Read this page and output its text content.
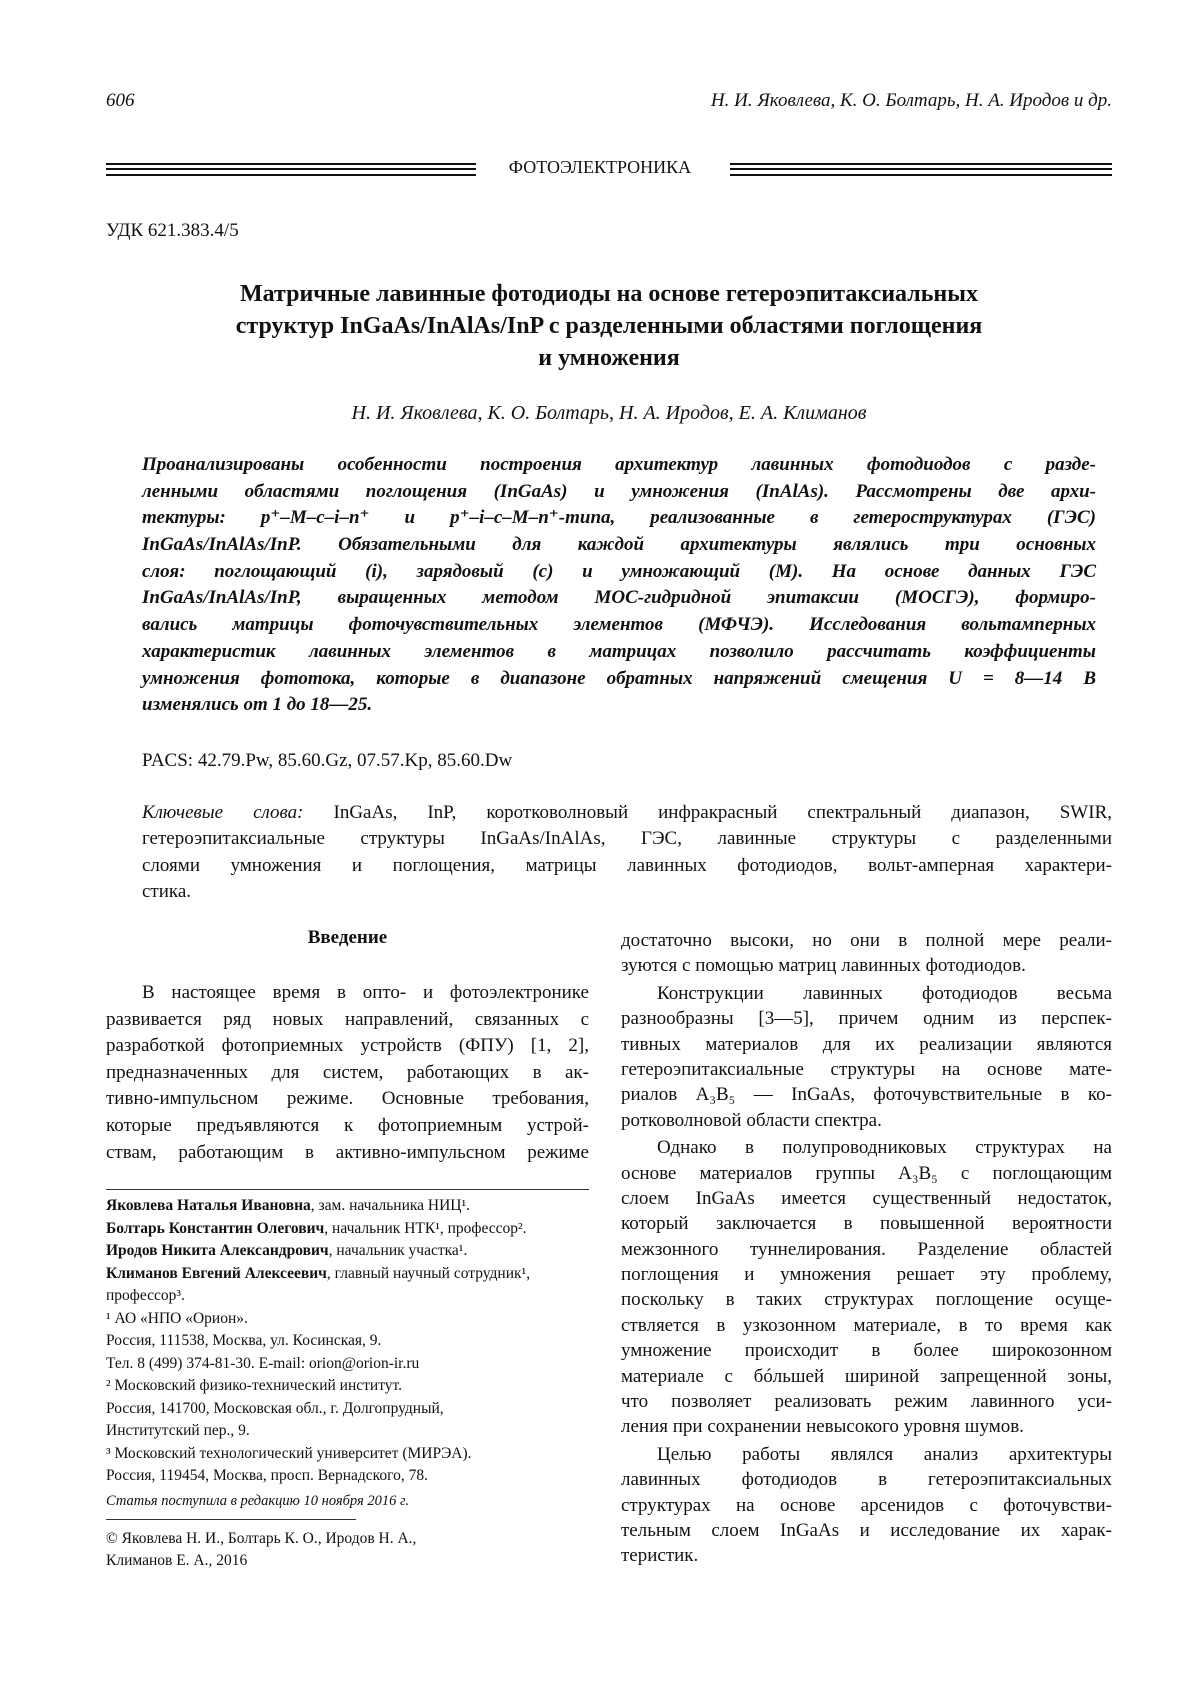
606	Н. И. Яковлева, К. О. Болтарь, Н. А. Иродов и др.
ФОТОЭЛЕКТРОНИКА
УДК 621.383.4/5
Матричные лавинные фотодиоды на основе гетероэпитаксиальных
структур InGaAs/InAlAs/InP с разделенными областями поглощения
и умножения
Н. И. Яковлева, К. О. Болтарь, Н. А. Иродов, Е. А. Климанов
Проанализированы особенности построения архитектур лавинных фотодиодов с разде-
ленными областями поглощения (InGaAs) и умножения (InAlAs). Рассмотрены две архи-
тектуры: p⁺–M–c–i–n⁺ и p⁺–i–c–M–n⁺-типа, реализованные в гетероструктурах (ГЭС)
InGaAs/InAlAs/InP. Обязательными для каждой архитектуры являлись три основных
слоя: поглощающий (i), зарядовый (c) и умножающий (M). На основе данных ГЭС
InGaAs/InAlAs/InP, выращенных методом МОС-гидридной эпитаксии (МОСГЭ), формиро-
вались матрицы фоточувствительных элементов (МФЧЭ). Исследования вольтамперных
характеристик лавинных элементов в матрицах позволило рассчитать коэффициенты
умножения фототока, которые в диапазоне обратных напряжений смещения U = 8—14 В
изменялись от 1 до 18—25.
PACS: 42.79.Pw, 85.60.Gz, 07.57.Kp, 85.60.Dw
Ключевые слова: InGaAs, InP, коротковолновый инфракрасный спектральный диапазон, SWIR,
гетероэпитаксиальные структуры InGaAs/InAlAs, ГЭС, лавинные структуры с разделенными
слоями умножения и поглощения, матрицы лавинных фотодиодов, вольт-амперная характери-
стика.
Введение
В настоящее время в опто- и фотоэлектронике
развивается ряд новых направлений, связанных с
разработкой фотоприемных устройств (ФПУ) [1, 2],
предназначенных для систем, работающих в ак-
тивно-импульсном режиме. Основные требования,
которые предъявляются к фотоприемным устрой-
ствам, работающим в активно-импульсном режиме
достаточно высоки, но они в полной мере реали-
зуются с помощью матриц лавинных фотодиодов.
Конструкции лавинных фотодиодов весьма
разнообразны [3—5], причем одним из перспек-
тивных материалов для их реализации являются
гетероэпитаксиальные структуры на основе мате-
риалов A₃B₅ — InGaAs, фоточувствительные в ко-
ротковолновой области спектра.
Однако в полупроводниковых структурах на
основе материалов группы A₃B₅ с поглощающим
слоем InGaAs имеется существенный недостаток,
который заключается в повышенной вероятности
межзонного туннелирования. Разделение областей
поглощения и умножения решает эту проблему,
поскольку в таких структурах поглощение осуще-
ствляется в узкозонном материале, в то время как
умножение происходит в более широкозонном
материале с бóльшей шириной запрещенной зоны,
что позволяет реализовать режим лавинного уси-
ления при сохранении невысокого уровня шумов.
Целью работы являлся анализ архитектуры
лавинных фотодиодов в гетероэпитаксиальных
структурах на основе арсенидов с фоточувстви-
тельным слоем InGaAs и исследование их харак-
теристик.
Яковлева Наталья Ивановна, зам. начальника НИЦ¹.
Болтарь Константин Олегович, начальник НТК¹, профессор².
Иродов Никита Александрович, начальник участка¹.
Климанов Евгений Алексеевич, главный научный сотрудник¹,
профессор³.
¹ АО «НПО «Орион».
Россия, 111538, Москва, ул. Косинская, 9.
Тел. 8 (499) 374-81-30. E-mail: orion@orion-ir.ru
² Московский физико-технический институт.
Россия, 141700, Московская обл., г. Долгопрудный,
Институтский пер., 9.
³ Московский технологический университет (МИРЭА).
Россия, 119454, Москва, просп. Вернадского, 78.
Статья поступила в редакцию 10 ноября 2016 г.
© Яковлева Н. И., Болтарь К. О., Иродов Н. А.,
Климанов Е. А., 2016
